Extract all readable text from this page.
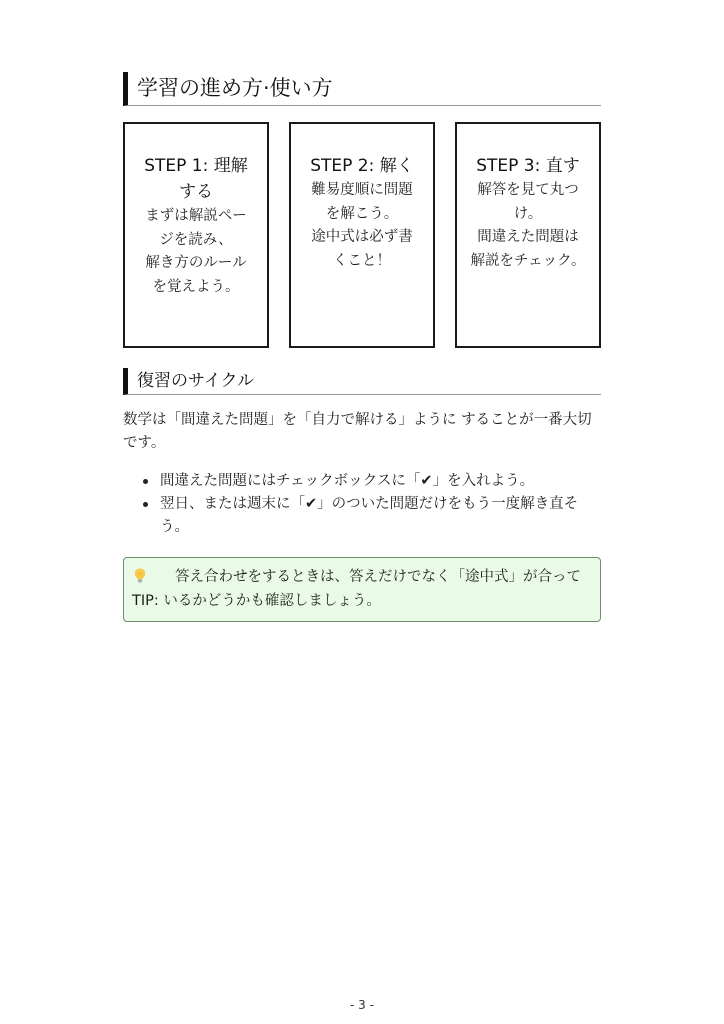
学習の進め方·使い方
STEP 1: 理解する
まずは解説ペー
ジを読み、
解き方のルール
を覚えよう。
STEP 2: 解く
難易度順に問題
を解こう。
途中式は必ず書
くこと！
STEP 3: 直す
解答を見て丸つ
け。
間違えた問題は
解説をチェック。
復習のサイクル

数学は「間違えた問題」を「自力で解ける」ように することが一番大切です。

間違えた問題にはチェックボックスに「✔」を入れよう。
翌日、または週末に「✔」のついた問題だけをもう一度解き直そう。
答え合わせをするときは、答えだけでなく「途中式」が合って
TIP: いるかどうかも確認しましょう。
- 3 -
